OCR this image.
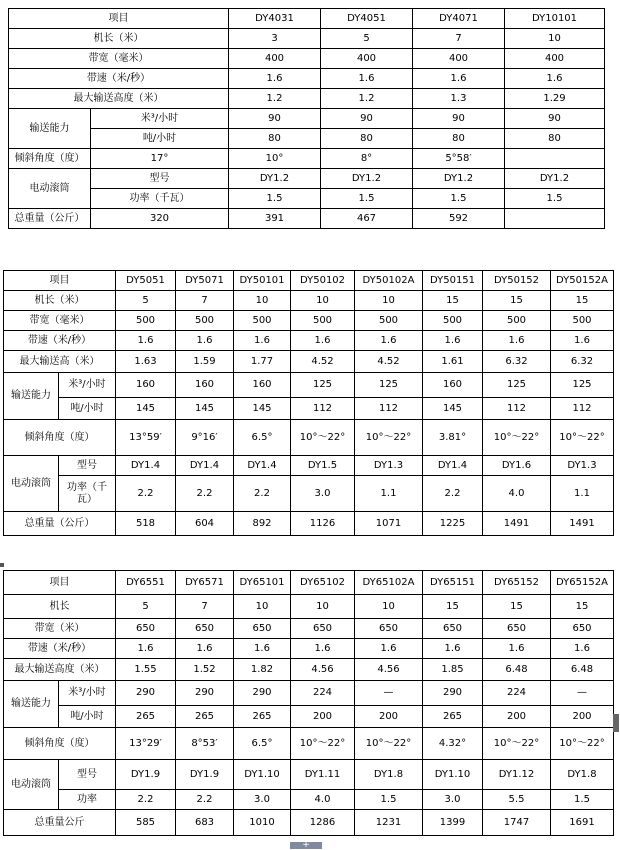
项目		DY4031	DY4051	DY4071	DY10101
机长（米）		3	5	7	10
带宽（毫米）		400	400	400	400
带速（米/秒）		1.6	1.6	1.6	1.6
最大输送高度（米）		1.2	1.2	1.3	1.29
输送能力	米³/小时	90	90	90	90
	吨/小时	80	80	80	80
倾斜角度（度）	17°	10°	8°	5°58′	
电动滚筒	型号	DY1.2	DY1.2	DY1.2	DY1.2
	功率（千瓦）	1.5	1.5	1.5	1.5
总重量（公斤）	320	391	467	592	
项目		DY5051	DY5071	DY50101	DY50102	DY50102A	DY50151	DY50152	DY50152A
机长（米）		5	7	10	10	10	15	15	15
带宽（毫米）		500	500	500	500	500	500	500	500
带速（米/秒）		1.6	1.6	1.6	1.6	1.6	1.6	1.6	1.6
最大输送高（米）		1.63	1.59	1.77	4.52	4.52	1.61	6.32	6.32
输送能力	米³/小时	160	160	160	125	125	160	125	125
	吨/小时	145	145	145	112	112	145	112	112
倾斜角度（度）		13°59′	9°16′	6.5°	10°～22°	10°～22°	3.81°	10°～22°	10°～22°
电动滚筒	型号	DY1.4	DY1.4	DY1.4	DY1.5	DY1.3	DY1.4	DY1.6	DY1.3
	功率（千瓦）	2.2	2.2	2.2	3.0	1.1	2.2	4.0	1.1
总重量（公斤）		518	604	892	1126	1071	1225	1491	1491
项目		DY6551	DY6571	DY65101	DY65102	DY65102A	DY65151	DY65152	DY65152A
机长		5	7	10	10	10	15	15	15
带宽（米）		650	650	650	650	650	650	650	650
带速（米/秒）		1.6	1.6	1.6	1.6	1.6	1.6	1.6	1.6
最大输送高度（米）		1.55	1.52	1.82	4.56	4.56	1.85	6.48	6.48
输送能力	米³/小时	290	290	290	224	—	290	224	—
	吨/小时	265	265	265	200	200	265	200	200
倾斜角度（度）		13°29′	8°53′	6.5°	10°～22°	10°～22°	4.32°	10°～22°	10°～22°
电动滚筒	型号	DY1.9	DY1.9	DY1.10	DY1.11	DY1.8	DY1.10	DY1.12	DY1.8
	功率	2.2	2.2	3.0	4.0	1.5	3.0	5.5	1.5
总重量公斤		585	683	1010	1286	1231	1399	1747	1691
+
